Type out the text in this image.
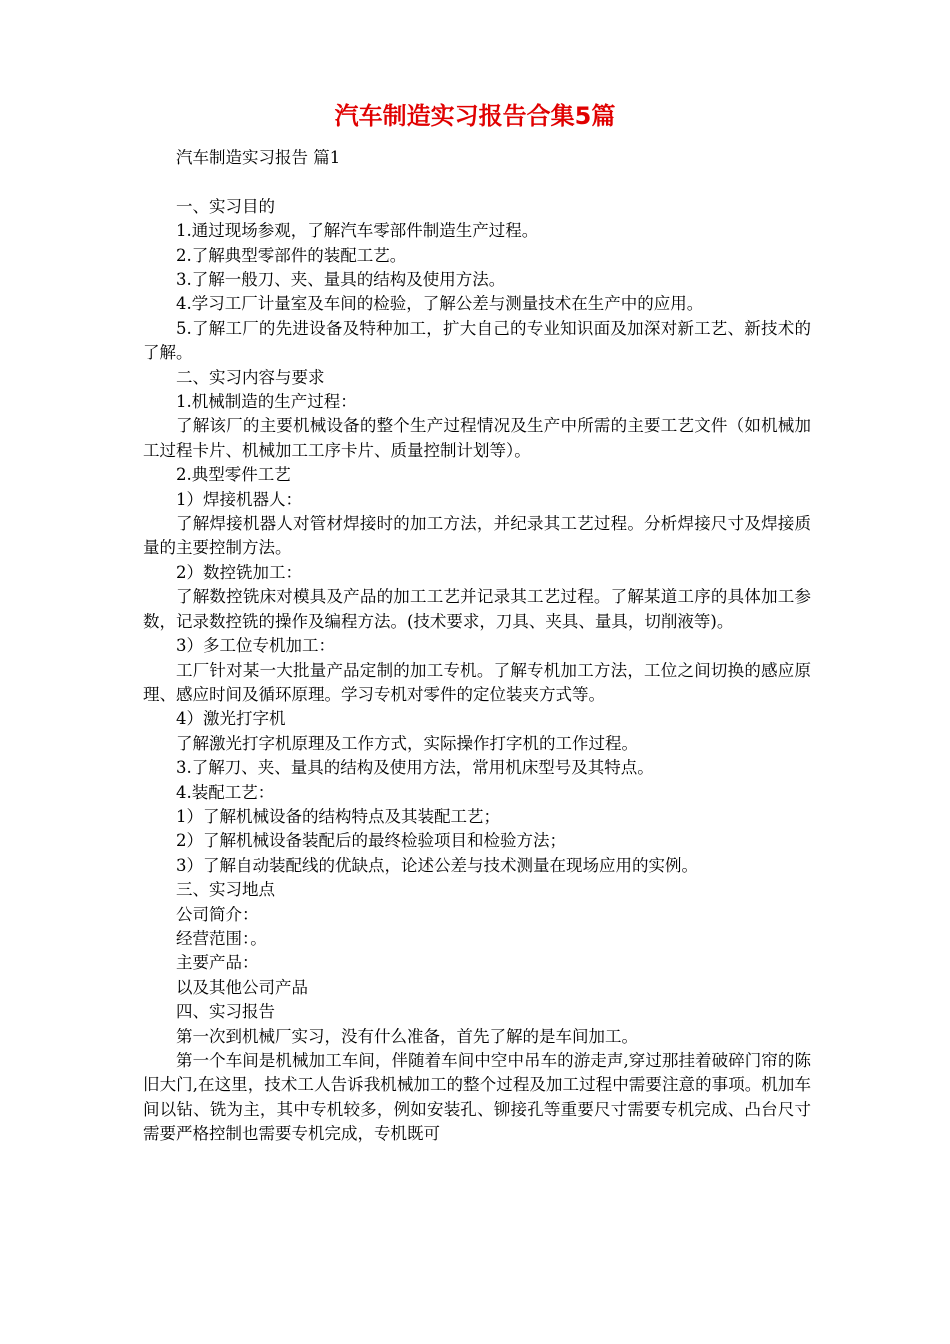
汽车制造实习报告合集5篇

汽车制造实习报告 篇1

一、实习目的

1.通过现场参观，了解汽车零部件制造生产过程。

2.了解典型零部件的装配工艺。

3.了解一般刀、夹、量具的结构及使用方法。

4.学习工厂计量室及车间的检验，了解公差与测量技术在生产中的应用。

5.了解工厂的先进设备及特种加工，扩大自己的专业知识面及加深对新工艺、新技术的了解。

二、实习内容与要求

1.机械制造的生产过程：

了解该厂的主要机械设备的整个生产过程情况及生产中所需的主要工艺文件（如机械加工过程卡片、机械加工工序卡片、质量控制计划等）。

2.典型零件工艺

1）焊接机器人：

了解焊接机器人对管材焊接时的加工方法，并纪录其工艺过程。分析焊接尺寸及焊接质量的主要控制方法。

2）数控铣加工：

了解数控铣床对模具及产品的加工工艺并记录其工艺过程。了解某道工序的具体加工参数，记录数控铣的操作及编程方法。(技术要求，刀具、夹具、量具，切削液等)。

3）多工位专机加工：

工厂针对某一大批量产品定制的加工专机。了解专机加工方法，工位之间切换的感应原理、感应时间及循环原理。学习专机对零件的定位装夹方式等。

4）激光打字机

了解激光打字机原理及工作方式，实际操作打字机的工作过程。

3.了解刀、夹、量具的结构及使用方法，常用机床型号及其特点。

4.装配工艺：

1）了解机械设备的结构特点及其装配工艺；

2）了解机械设备装配后的最终检验项目和检验方法；

3）了解自动装配线的优缺点，论述公差与技术测量在现场应用的实例。

三、实习地点

公司简介：

经营范围：。

主要产品：

以及其他公司产品

四、实习报告

第一次到机械厂实习，没有什么准备，首先了解的是车间加工。

第一个车间是机械加工车间，伴随着车间中空中吊车的游走声,穿过那挂着破碎门帘的陈旧大门,在这里，技术工人告诉我机械加工的整个过程及加工过程中需要注意的事项。机加车间以钻、铣为主，其中专机较多，例如安装孔、铆接孔等重要尺寸需要专机完成、凸台尺寸需要严格控制也需要专机完成，专机既可
